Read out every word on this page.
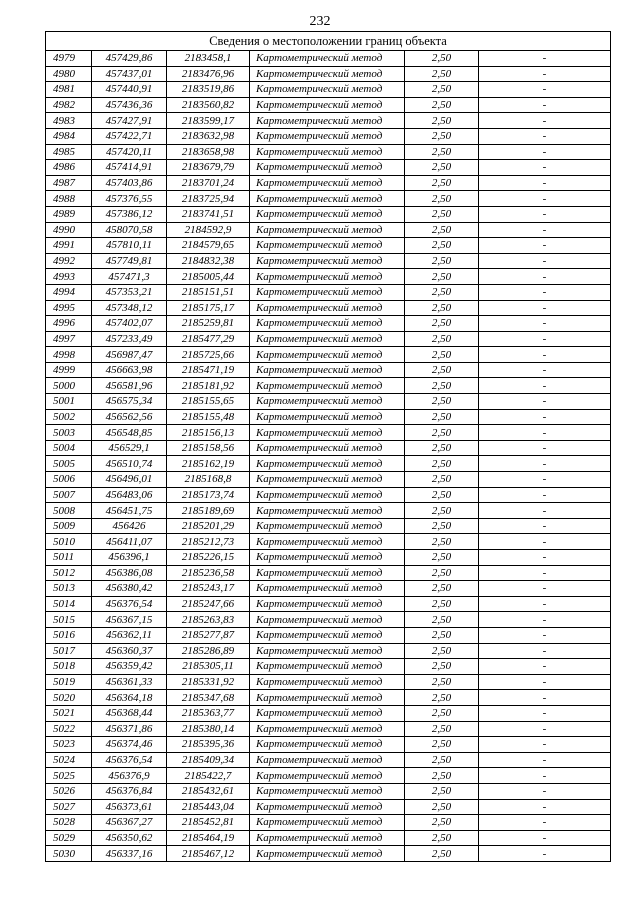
232
Сведения о местоположении границ объекта					
4979	457429,86	2183458,1	Картометрический метод	2,50	-
4980	457437,01	2183476,96	Картометрический метод	2,50	-
4981	457440,91	2183519,86	Картометрический метод	2,50	-
4982	457436,36	2183560,82	Картометрический метод	2,50	-
4983	457427,91	2183599,17	Картометрический метод	2,50	-
4984	457422,71	2183632,98	Картометрический метод	2,50	-
4985	457420,11	2183658,98	Картометрический метод	2,50	-
4986	457414,91	2183679,79	Картометрический метод	2,50	-
4987	457403,86	2183701,24	Картометрический метод	2,50	-
4988	457376,55	2183725,94	Картометрический метод	2,50	-
4989	457386,12	2183741,51	Картометрический метод	2,50	-
4990	458070,58	2184592,9	Картометрический метод	2,50	-
4991	457810,11	2184579,65	Картометрический метод	2,50	-
4992	457749,81	2184832,38	Картометрический метод	2,50	-
4993	457471,3	2185005,44	Картометрический метод	2,50	-
4994	457353,21	2185151,51	Картометрический метод	2,50	-
4995	457348,12	2185175,17	Картометрический метод	2,50	-
4996	457402,07	2185259,81	Картометрический метод	2,50	-
4997	457233,49	2185477,29	Картометрический метод	2,50	-
4998	456987,47	2185725,66	Картометрический метод	2,50	-
4999	456663,98	2185471,19	Картометрический метод	2,50	-
5000	456581,96	2185181,92	Картометрический метод	2,50	-
5001	456575,34	2185155,65	Картометрический метод	2,50	-
5002	456562,56	2185155,48	Картометрический метод	2,50	-
5003	456548,85	2185156,13	Картометрический метод	2,50	-
5004	456529,1	2185158,56	Картометрический метод	2,50	-
5005	456510,74	2185162,19	Картометрический метод	2,50	-
5006	456496,01	2185168,8	Картометрический метод	2,50	-
5007	456483,06	2185173,74	Картометрический метод	2,50	-
5008	456451,75	2185189,69	Картометрический метод	2,50	-
5009	456426	2185201,29	Картометрический метод	2,50	-
5010	456411,07	2185212,73	Картометрический метод	2,50	-
5011	456396,1	2185226,15	Картометрический метод	2,50	-
5012	456386,08	2185236,58	Картометрический метод	2,50	-
5013	456380,42	2185243,17	Картометрический метод	2,50	-
5014	456376,54	2185247,66	Картометрический метод	2,50	-
5015	456367,15	2185263,83	Картометрический метод	2,50	-
5016	456362,11	2185277,87	Картометрический метод	2,50	-
5017	456360,37	2185286,89	Картометрический метод	2,50	-
5018	456359,42	2185305,11	Картометрический метод	2,50	-
5019	456361,33	2185331,92	Картометрический метод	2,50	-
5020	456364,18	2185347,68	Картометрический метод	2,50	-
5021	456368,44	2185363,77	Картометрический метод	2,50	-
5022	456371,86	2185380,14	Картометрический метод	2,50	-
5023	456374,46	2185395,36	Картометрический метод	2,50	-
5024	456376,54	2185409,34	Картометрический метод	2,50	-
5025	456376,9	2185422,7	Картометрический метод	2,50	-
5026	456376,84	2185432,61	Картометрический метод	2,50	-
5027	456373,61	2185443,04	Картометрический метод	2,50	-
5028	456367,27	2185452,81	Картометрический метод	2,50	-
5029	456350,62	2185464,19	Картометрический метод	2,50	-
5030	456337,16	2185467,12	Картометрический метод	2,50	-
